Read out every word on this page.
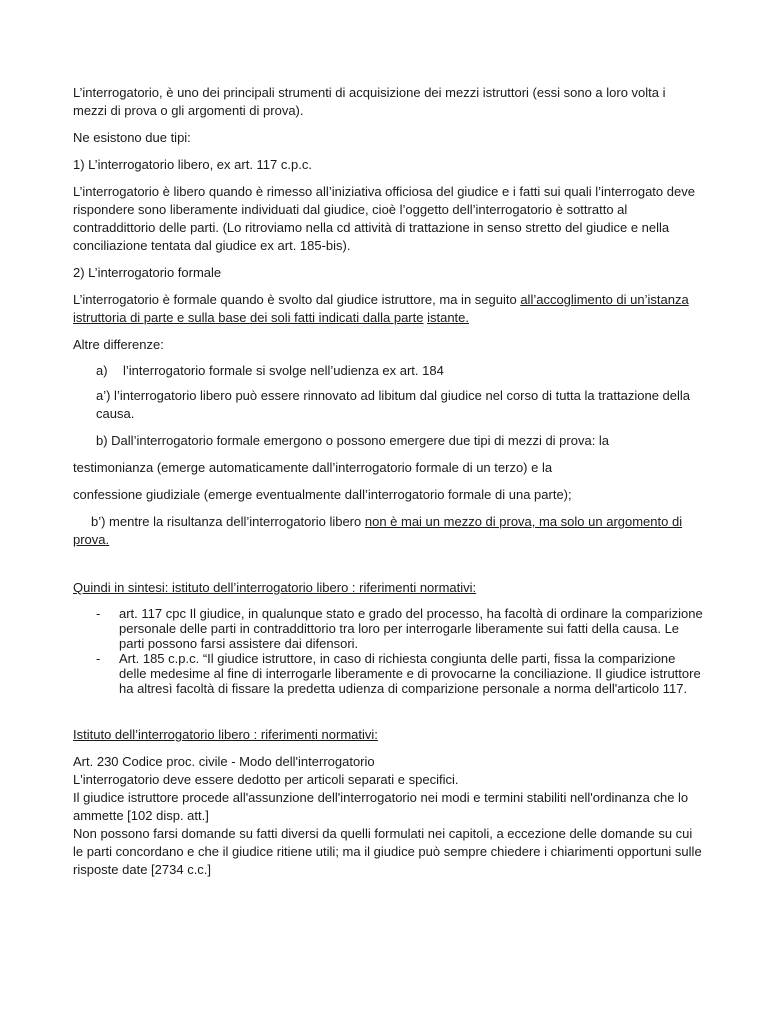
L’interrogatorio, è uno dei principali strumenti di acquisizione dei mezzi istruttori (essi sono a loro volta i mezzi di prova o gli argomenti di prova).

Ne esistono due tipi:

1) L’interrogatorio libero, ex art. 117 c.p.c.

L’interrogatorio è libero quando è rimesso all’iniziativa officiosa del giudice e i fatti sui quali l’interrogato deve rispondere sono liberamente individuati dal giudice, cioè l’oggetto dell’interrogatorio è sottratto al contraddittorio delle parti. (Lo ritroviamo nella cd attività di trattazione in senso stretto del giudice e nella conciliazione tentata dal giudice ex art. 185-bis).

2) L’interrogatorio formale

L’interrogatorio è formale quando è svolto dal giudice istruttore, ma in seguito all’accoglimento di un’istanza istruttoria di parte e sulla base dei soli fatti indicati dalla parte istante.

Altre differenze:

a)	l’interrogatorio formale si svolge nell’udienza ex art. 184

a’) l’interrogatorio libero può essere rinnovato ad libitum dal giudice nel corso di tutta la trattazione della causa.

b) Dall’interrogatorio formale emergono o possono emergere due tipi di mezzi di prova: la

testimonianza (emerge automaticamente dall’interrogatorio formale di un terzo) e la

confessione giudiziale (emerge eventualmente dall’interrogatorio formale di una parte);

b’) mentre la risultanza dell’interrogatorio libero non è mai un mezzo di prova, ma solo un argomento di prova.

Quindi in sintesi: istituto dell’interrogatorio libero : riferimenti normativi:

-	art. 117 cpc Il giudice, in qualunque stato e grado del processo, ha facoltà di ordinare la comparizione personale delle parti in contraddittorio tra loro per interrogarle liberamente sui fatti della causa. Le parti possono farsi assistere dai difensori.
-	Art. 185 c.p.c. “Il giudice istruttore, in caso di richiesta congiunta delle parti, fissa la comparizione delle medesime al fine di interrogarle liberamente e di provocarne la conciliazione. Il giudice istruttore ha altresì facoltà di fissare la predetta udienza di comparizione personale a norma dell'articolo 117.

Istituto dell’interrogatorio libero : riferimenti normativi:

Art. 230 Codice proc. civile - Modo dell'interrogatorio

L'interrogatorio deve essere dedotto per articoli separati e specifici.

Il giudice istruttore procede all'assunzione dell'interrogatorio nei modi e termini stabiliti nell'ordinanza che lo ammette [102 disp. att.]

Non possono farsi domande su fatti diversi da quelli formulati nei capitoli, a eccezione delle domande su cui le parti concordano e che il giudice ritiene utili; ma il giudice può sempre chiedere i chiarimenti opportuni sulle risposte date [2734 c.c.]
